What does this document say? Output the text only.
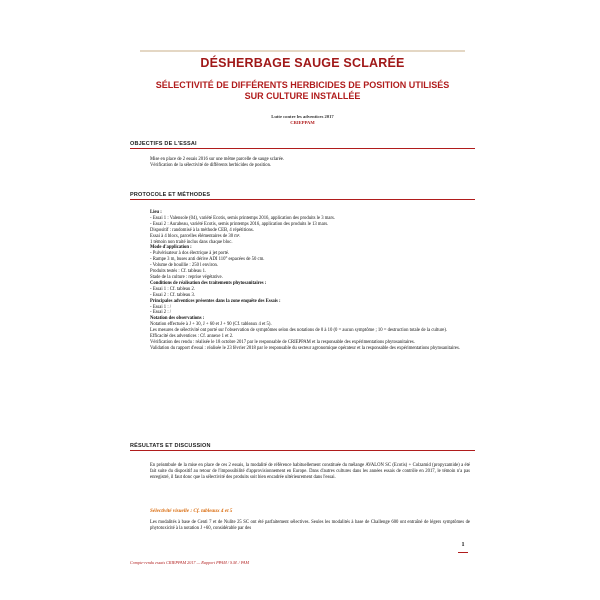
DÉSHERBAGE SAUGE SCLARÉE
SÉLECTIVITÉ DE DIFFÉRENTS HERBICIDES DE POSITION UTILISÉS SUR CULTURE INSTALLÉE
Lutte contre les adventices 2017
CRIEPPAM
OBJECTIFS DE L'ESSAI

Mise en place de 2 essais 2016 sur une même parcelle de sauge sclarée.

Vérification de la sélectivité de différents herbicides de position.

PROTOCOLE ET MÉTHODES

Lieu :

- Essai 1 : Valensole (04), variété Ecotis, semis printemps 2016, application des produits le 3 mars.

- Essai 2 : Aurabeau, variété Ecotis, semis printemps 2016, application des produits le 13 mars.

Dispositif : randomisé à la méthode CEB, 4 répétitions.

Essai à 4 blocs, parcelles élémentaires de 30 m².

1 témoin non traité inclus dans chaque bloc.

Mode d'application :

- Pulvérisateur à dos électrique à jet porté.

- Rampe 3 m, buses anti dérive ADI 110° espacées de 50 cm.

- Volume de bouillie : 250 l environ.

Produits testés : Cf. tableau 1.

Stade de la culture : reprise végétative.

Conditions de réalisation des traitements phytosanitaires :

- Essai 1 : Cf. tableau 2.

- Essai 2 : Cf. tableau 3.

Principales adventices présentes dans la zone enquête des Essais :

- Essai 1 : /

- Essai 2 : /

Notation des observations :

Notation effectuée à J + 30, J + 60 et J + 90 (Cf. tableaux 4 et 5).

Les mesures de sélectivité ont porté sur l'observation de symptômes selon des notations de 0 à 10 (0 = aucun symptôme ; 10 = destruction totale de la culture).

Efficacité des adventices : Cf. annexe 1 et 2.

Vérification des rendu : réalisée le 18 octobre 2017 par le responsable de CRIEPPAM et la responsable des expérimentations phytosanitaires.

Validation du rapport d'essai : réalisée le 23 février 2018 par le responsable du secteur agronomique opérateur et la responsable des expérimentations phytosanitaires.

RÉSULTATS ET DISCUSSION
En préambule de la mise en place de ces 2 essais, la modalité de référence habituellement constituée du mélange AVALON SC (Ecotis) + Colzamid (propyzamide) a été fait suite du dispositif au retour de l'impossibilité d'approvisionnement en Europe. Dans d'autres cultures dans les années essais de contrôle en 2017, le témoin n'a pas enregistré, il faut donc que la sélectivité des produits soit bien encadrée ultérieurement dans l'essai.
Sélectivité visuelle : Cf. tableaux 4 et 5
Les modalités à base de Centi 7 et de Nulite 25 SC ont été parfaitement sélectives. Seules les modalités à base de Challenge 600 ont entraîné de légers symptômes de phytotoxicité à la notation J +60, considérable par des
1
Compte-rendu essais CRIEPPAM 2017 — Rapport PPAM / S.M. / PAM
